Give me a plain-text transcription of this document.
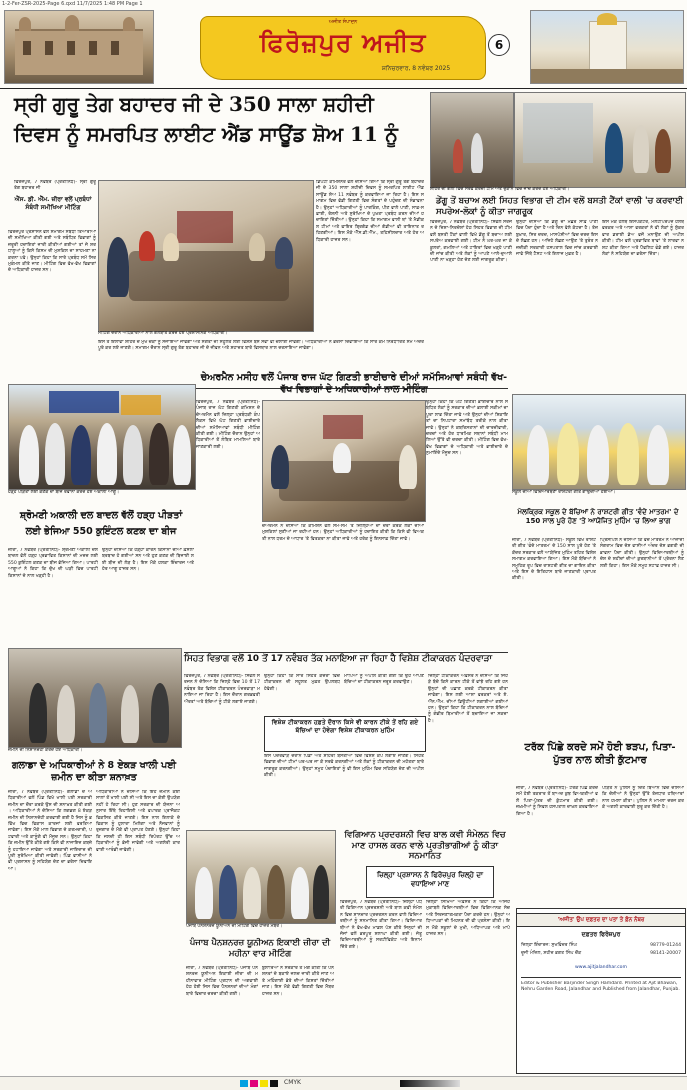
1-2-Fer-ZSR-2025-Page 6.qxd 11/7/2025 1:48 PM Page 1
ਅਜੀਤ ਸੰਪਾਦਨ
ਫਿਰੋਜ਼ਪੁਰ ਅਜੀਤ
ਸ਼ਨਿਚਰਵਾਰ, 8 ਨਵੰਬਰ 2025
6
ਸ੍ਰੀ ਗੁਰੂ ਤੇਗ ਬਹਾਦਰ ਜੀ ਦੇ 350 ਸਾਲਾ ਸ਼ਹੀਦੀ
ਦਿਵਸ ਨੂੰ ਸਮਰਪਿਤ ਲਾਈਟ ਐਂਡ ਸਾਊਂਡ ਸ਼ੋਅ 11 ਨੂੰ
ਐੱਸ. ਡੀ. ਐੱਮ. ਜ਼ੀਰਾ ਵਲੋਂ ਪ੍ਰਬੰਧਾਂ ਸੰਬੰਧੀ ਸਮੀਖਿਆ ਮੀਟਿੰਗ
ਫਿਰੋਜ਼ਪੁਰ ਪ੍ਰਸ਼ਾਸਨ ਵਲੋਂ ਸਮਾਗਮ ਸਬੰਧੀ ਤਿਆਰੀਆਂ ਦੀ ਸਮੀਖਿਆ ਕੀਤੀ ਗਈ ਅਤੇ ਸਬੰਧਿਤ ਵਿਭਾਗਾਂ ਨੂੰ ਜ਼ਰੂਰੀ ਹਦਾਇਤਾਂ ਜਾਰੀ ਕੀਤੀਆਂ ਗਈਆਂ ਤਾਂ ਜੋ ਸ਼ਰਧਾਲੂਆਂ ਨੂੰ ਕਿਸੇ ਕਿਸਮ ਦੀ ਮੁਸ਼ਕਿਲ ਦਾ ਸਾਹਮਣਾ ਨਾ ਕਰਨਾ ਪਵੇ। ਉਨ੍ਹਾਂ ਕਿਹਾ ਕਿ ਸਾਰੇ ਪ੍ਰਬੰਧ ਸਮੇਂ ਸਿਰ ਮੁਕੰਮਲ ਕੀਤੇ ਜਾਣ। ਮੀਟਿੰਗ ਵਿਚ ਵੱਖ-ਵੱਖ ਵਿਭਾਗਾਂ ਦੇ ਅਧਿਕਾਰੀ ਹਾਜ਼ਰ ਸਨ।
ਫਿਰੋਜ਼ਪੁਰ, 7 ਨਵੰਬਰ (ਪ੍ਰਤੀਨਿਧ)- ਸ੍ਰੀ ਗੁਰੂ ਤੇਗ ਬਹਾਦਰ ਜੀ
ਡਿਪਟੀ ਕਮਿਸ਼ਨਰ ਵਲੋਂ ਦੱਸਿਆ ਗਿਆ ਕਿ ਸ੍ਰੀ ਗੁਰੂ ਤੇਗ ਬਹਾਦਰ ਜੀ ਦੇ 350 ਸਾਲਾ ਸ਼ਹੀਦੀ ਦਿਵਸ ਨੂੰ ਸਮਰਪਿਤ ਲਾਈਟ ਐਂਡ ਸਾਊਂਡ ਸ਼ੋਅ 11 ਨਵੰਬਰ ਨੂੰ ਕਰਵਾਇਆ ਜਾ ਰਿਹਾ ਹੈ। ਇਸ ਸਮਾਗਮ ਵਿਚ ਵੱਡੀ ਗਿਣਤੀ ਵਿਚ ਸੰਗਤਾਂ ਦੇ ਪਹੁੰਚਣ ਦੀ ਸੰਭਾਵਨਾ ਹੈ। ਉਨ੍ਹਾਂ ਅਧਿਕਾਰੀਆਂ ਨੂੰ ਪਾਰਕਿੰਗ, ਪੀਣ ਵਾਲੇ ਪਾਣੀ, ਸਾਫ਼-ਸਫ਼ਾਈ, ਰੋਸ਼ਨੀ ਅਤੇ ਸੁਰੱਖਿਆ ਦੇ ਪੁਖ਼ਤਾ ਪ੍ਰਬੰਧ ਕਰਨ ਦੀਆਂ ਹਦਾਇਤਾਂ ਦਿੱਤੀਆਂ। ਉਨ੍ਹਾਂ ਕਿਹਾ ਕਿ ਸਮਾਗਮ ਵਾਲੀ ਥਾਂ 'ਤੇ ਮੈਡੀਕਲ ਟੀਮਾਂ ਅਤੇ ਫਾਇਰ ਬ੍ਰਿਗੇਡ ਦੀਆਂ ਗੱਡੀਆਂ ਵੀ ਤਾਇਨਾਤ ਰਹਿਣਗੀਆਂ। ਇਸ ਮੌਕੇ ਐੱਸ.ਡੀ.ਐੱਮ., ਤਹਿਸੀਲਦਾਰ ਅਤੇ ਹੋਰ ਅਧਿਕਾਰੀ ਹਾਜ਼ਰ ਸਨ।
ਮੀਟਿੰਗ ਦੌਰਾਨ ਅਧਿਕਾਰੀਆਂ ਨਾਲ ਗੱਲਬਾਤ ਕਰਦੇ ਹੋਏ ਪ੍ਰਸ਼ਾਸਨਿਕ ਅਧਿਕਾਰੀ।
ਇਸ ਤੋਂ ਇਲਾਵਾ ਸ਼ਹਿਰ ਦੇ ਮੁੱਖ ਚੌਂਕਾਂ ਨੂੰ ਸਜਾਇਆ ਜਾਵੇਗਾ ਅਤੇ ਸੰਗਤਾਂ ਦੀ ਸਹੂਲਤ ਲਈ ਵਿਸ਼ੇਸ਼ ਬੱਸ ਸੇਵਾ ਵੀ ਚਲਾਈ ਜਾਵੇਗੀ। ਅਧਿਕਾਰੀਆਂ ਨੇ ਭਰੋਸਾ ਦਿਵਾਇਆ ਕਿ ਸਾਰੇ ਕੰਮ ਨਿਰਧਾਰਿਤ ਸਮੇਂ ਅੰਦਰ ਪੂਰੇ ਕਰ ਲਏ ਜਾਣਗੇ। ਸਮਾਗਮ ਦੌਰਾਨ ਸ੍ਰੀ ਗੁਰੂ ਤੇਗ ਬਹਾਦਰ ਜੀ ਦੇ ਜੀਵਨ ਅਤੇ ਸ਼ਹਾਦਤ ਬਾਰੇ ਵਿਸਥਾਰ ਨਾਲ ਦਰਸਾਇਆ ਜਾਵੇਗਾ।
ਸ਼ਹਿਰ ਦੀ ਗਲੀ ਵਿਚ ਸਰਵੇ ਕਰਦੀ ਟੀਮ ਅਤੇ ਦੁਕਾਨ ਵਿਚ ਜਾਂਚ ਕਰਦੇ ਹੋਏ ਅਧਿਕਾਰੀ।
ਡੇਂਗੂ ਤੋਂ ਬਚਾਅ ਲਈ ਸਿਹਤ ਵਿਭਾਗ ਦੀ ਟੀਮ ਵਲੋਂ ਬਸਤੀ ਟੈਂਕਾਂ ਵਾਲੀ 'ਚ ਕਰਵਾਈ ਸਪਰੇਅ-ਲੋਕਾਂ ਨੂੰ ਕੀਤਾ ਜਾਗਰੂਕ
ਫਿਰੋਜ਼ਪੁਰ, 7 ਨਵੰਬਰ (ਪ੍ਰਤੀਨਿਧ)- ਸਿਵਲ ਸਰਜਨ ਦੇ ਦਿਸ਼ਾ-ਨਿਰਦੇਸ਼ਾਂ ਹੇਠ ਸਿਹਤ ਵਿਭਾਗ ਦੀ ਟੀਮ ਵਲੋਂ ਬਸਤੀ ਟੈਂਕਾਂ ਵਾਲੀ ਵਿਖੇ ਡੇਂਗੂ ਤੋਂ ਬਚਾਅ ਲਈ ਸਪਰੇਅ ਕਰਵਾਈ ਗਈ। ਟੀਮ ਨੇ ਘਰ-ਘਰ ਜਾ ਕੇ ਕੂਲਰਾਂ, ਗਮਲਿਆਂ ਅਤੇ ਟਾਇਰਾਂ ਵਿਚ ਖੜ੍ਹੇ ਪਾਣੀ ਦੀ ਜਾਂਚ ਕੀਤੀ ਅਤੇ ਲੋਕਾਂ ਨੂੰ ਆਪਣੇ ਆਲੇ-ਦੁਆਲੇ ਪਾਣੀ ਨਾ ਖੜ੍ਹਾ ਹੋਣ ਦੇਣ ਲਈ ਜਾਗਰੂਕ ਕੀਤਾ।
ਉਨ੍ਹਾਂ ਦੱਸਿਆ ਕਿ ਡੇਂਗੂ ਦਾ ਮੱਛਰ ਸਾਫ਼ ਪਾਣੀ ਵਿਚ ਪੈਦਾ ਹੁੰਦਾ ਹੈ ਅਤੇ ਦਿਨ ਵੇਲੇ ਕੱਟਦਾ ਹੈ। ਤੇਜ਼ ਬੁਖ਼ਾਰ, ਸਿਰ ਦਰਦ, ਮਾਸਪੇਸ਼ੀਆਂ ਵਿਚ ਦਰਦ ਇਸ ਦੇ ਲੱਛਣ ਹਨ। ਅਜਿਹੇ ਲੱਛਣ ਆਉਣ 'ਤੇ ਤੁਰੰਤ ਨਜ਼ਦੀਕੀ ਸਰਕਾਰੀ ਹਸਪਤਾਲ ਵਿਚ ਜਾਂਚ ਕਰਵਾਈ ਜਾਵੇ ਜਿੱਥੇ ਟੈਸਟ ਅਤੇ ਇਲਾਜ ਮੁਫ਼ਤ ਹੈ।
ਇਸ ਮੌਕੇ ਹੈਲਥ ਇੰਸਪੈਕਟਰ, ਮਲਟੀਪਰਪਜ਼ ਹੈਲਥ ਵਰਕਰ ਅਤੇ ਆਸ਼ਾ ਵਰਕਰਾਂ ਨੇ ਵੀ ਲੋਕਾਂ ਨੂੰ ਸ਼ੁੱਕਰਵਾਰ ਡਰਾਈ ਡੇਅ ਵਜੋਂ ਮਨਾਉਣ ਦੀ ਅਪੀਲ ਕੀਤੀ। ਟੀਮ ਵਲੋਂ ਪ੍ਰਭਾਵਿਤ ਥਾਵਾਂ 'ਤੇ ਲਾਰਵਾ ਨਸ਼ਟ ਕੀਤਾ ਗਿਆ ਅਤੇ ਪੈਂਫਲਿਟ ਵੰਡੇ ਗਏ। ਹਾਜ਼ਰ ਲੋਕਾਂ ਨੇ ਸਹਿਯੋਗ ਦਾ ਭਰੋਸਾ ਦਿੱਤਾ।
ਚੇਅਰਮੈਨ ਮਸੀਹ ਵਲੋਂ ਪੰਜਾਬ ਰਾਜ ਘੱਟ ਗਿਣਤੀ ਭਾਈਚਾਰੇ ਦੀਆਂ ਸਮੱਸਿਆਵਾਂ ਸਬੰਧੀ ਵੱਖ-ਵੱਖ ਵਿਭਾਗਾਂ ਦੇ ਅਧਿਕਾਰੀਆਂ ਨਾਲ ਮੀਟਿੰਗ
ਫਿਰੋਜ਼ਪੁਰ, 7 ਨਵੰਬਰ (ਪ੍ਰਤੀਨਿਧ)- ਪੰਜਾਬ ਰਾਜ ਘੱਟ ਗਿਣਤੀ ਕਮਿਸ਼ਨ ਦੇ ਚੇਅਰਮੈਨ ਵਲੋਂ ਜ਼ਿਲ੍ਹਾ ਪ੍ਰਬੰਧਕੀ ਕੰਪਲੈਕਸ ਵਿਖੇ ਘੱਟ ਗਿਣਤੀ ਭਾਈਚਾਰੇ ਦੀਆਂ ਸਮੱਸਿਆਵਾਂ ਸਬੰਧੀ ਮੀਟਿੰਗ ਕੀਤੀ ਗਈ। ਮੀਟਿੰਗ ਦੌਰਾਨ ਉਨ੍ਹਾਂ ਅਧਿਕਾਰੀਆਂ ਤੋਂ ਲੰਬਿਤ ਮਾਮਲਿਆਂ ਬਾਰੇ ਜਾਣਕਾਰੀ ਲਈ।
ਉਨ੍ਹਾਂ ਕਿਹਾ ਕਿ ਘੱਟ ਗਿਣਤੀ ਭਾਈਚਾਰੇ ਨਾਲ ਸਬੰਧਿਤ ਲੋਕਾਂ ਨੂੰ ਸਰਕਾਰ ਦੀਆਂ ਭਲਾਈ ਸਕੀਮਾਂ ਦਾ ਪੂਰਾ ਲਾਭ ਦਿੱਤਾ ਜਾਵੇ ਅਤੇ ਉਨ੍ਹਾਂ ਦੀਆਂ ਸ਼ਿਕਾਇਤਾਂ ਦਾ ਨਿਪਟਾਰਾ ਸਮਾਂਬੱਧ ਤਰੀਕੇ ਨਾਲ ਕੀਤਾ ਜਾਵੇ। ਉਨ੍ਹਾਂ ਨੇ ਕਬਰਿਸਤਾਨਾਂ ਦੀ ਚਾਰਦੀਵਾਰੀ, ਚਰਚਾਂ ਅਤੇ ਹੋਰ ਧਾਰਮਿਕ ਸਥਾਨਾਂ ਸਬੰਧੀ ਮਾਮਲਿਆਂ ਉੱਤੇ ਵੀ ਚਰਚਾ ਕੀਤੀ। ਮੀਟਿੰਗ ਵਿਚ ਵੱਖ-ਵੱਖ ਵਿਭਾਗਾਂ ਦੇ ਅਧਿਕਾਰੀ ਅਤੇ ਭਾਈਚਾਰੇ ਦੇ ਨੁਮਾਇੰਦੇ ਮੌਜੂਦ ਸਨ।
ਚੇਅਰਮੈਨ ਨੇ ਦੱਸਿਆ ਕਿ ਕਮਿਸ਼ਨ ਵਲੋਂ ਸਮੇਂ-ਸਮੇਂ 'ਤੇ ਜ਼ਿਲ੍ਹਿਆਂ ਦਾ ਦੌਰਾ ਕਰਕੇ ਲੋਕਾਂ ਦੀਆਂ ਮੁਸ਼ਕਿਲਾਂ ਸੁਣੀਆਂ ਜਾ ਰਹੀਆਂ ਹਨ। ਉਨ੍ਹਾਂ ਅਧਿਕਾਰੀਆਂ ਨੂੰ ਹਦਾਇਤ ਕੀਤੀ ਕਿ ਕਿਸੇ ਵੀ ਵਿਅਕਤੀ ਨਾਲ ਧਰਮ ਦੇ ਆਧਾਰ 'ਤੇ ਵਿਤਕਰਾ ਨਾ ਕੀਤਾ ਜਾਵੇ ਅਤੇ ਹਰੇਕ ਨੂੰ ਇਨਸਾਫ਼ ਦਿੱਤਾ ਜਾਵੇ।
ਹੜ੍ਹ ਪੀੜਤਾਂ ਲਈ ਕਣਕ ਦਾ ਬੀਜ ਰਵਾਨਾ ਕਰਦੇ ਹੋਏ ਅਕਾਲੀ ਆਗੂ।
ਸ਼੍ਰੋਮਣੀ ਅਕਾਲੀ ਦਲ ਬਾਦਲ ਵੱਲੋਂ ਹੜ੍ਹ ਪੀੜਤਾਂ
ਲਈ ਭੇਜਿਆ 550 ਕੁਇੰਟਲ ਕਣਕ ਦਾ ਬੀਜ
ਜ਼ੀਰਾ, 7 ਨਵੰਬਰ (ਪ੍ਰਤੀਨਿਧ)- ਸ਼੍ਰੋਮਣੀ ਅਕਾਲੀ ਦਲ ਬਾਦਲ ਵੱਲੋਂ ਹੜ੍ਹ ਪ੍ਰਭਾਵਿਤ ਕਿਸਾਨਾਂ ਦੀ ਮਦਦ ਲਈ 550 ਕੁਇੰਟਲ ਕਣਕ ਦਾ ਬੀਜ ਭੇਜਿਆ ਗਿਆ। ਪਾਰਟੀ ਆਗੂਆਂ ਨੇ ਕਿਹਾ ਕਿ ਦੁੱਖ ਦੀ ਘੜੀ ਵਿਚ ਪਾਰਟੀ ਕਿਸਾਨਾਂ ਦੇ ਨਾਲ ਖੜ੍ਹੀ ਹੈ।
ਉਨ੍ਹਾਂ ਦੱਸਿਆ ਕਿ ਹੜ੍ਹਾਂ ਕਾਰਨ ਕਿਸਾਨਾਂ ਦੀਆਂ ਫ਼ਸਲਾਂ ਬਰਬਾਦ ਹੋ ਗਈਆਂ ਸਨ ਅਤੇ ਹੁਣ ਕਣਕ ਦੀ ਬਿਜਾਈ ਲਈ ਬੀਜ ਦੀ ਲੋੜ ਹੈ। ਇਸ ਮੌਕੇ ਹਲਕਾ ਇੰਚਾਰਜ ਅਤੇ ਹੋਰ ਆਗੂ ਹਾਜ਼ਰ ਸਨ।
ਸਕੂਲ ਦੀਆਂ ਵਿਦਿਆਰਥਣਾਂ ਰਾਸ਼ਟਰੀ ਗੀਤ ਗਾਉਂਦੀਆਂ ਹੋਈਆਂ।
ਮੇਲਕ੍ਰਿਕ ਸਕੂਲ ਦੇ ਬੱਚਿਆਂ ਨੇ ਰਾਸ਼ਟਰੀ ਗੀਤ 'ਵੰਦੇ ਮਾਤਰਮ' ਦੇ 150 ਸਾਲ ਪੂਰੇ ਹੋਣ 'ਤੇ ਆਯੋਜਿਤ ਮੁਹਿੰਮ 'ਚ ਲਿਆ ਭਾਗ
ਜ਼ੀਰਾ, 7 ਨਵੰਬਰ (ਪ੍ਰਤੀਨਿਧ)- ਸਕੂਲ ਵਿਖੇ ਰਾਸ਼ਟਰੀ ਗੀਤ 'ਵੰਦੇ ਮਾਤਰਮ' ਦੇ 150 ਸਾਲ ਪੂਰੇ ਹੋਣ 'ਤੇ ਕੇਂਦਰ ਸਰਕਾਰ ਵਲੋਂ ਆਯੋਜਿਤ ਮੁਹਿੰਮ ਤਹਿਤ ਵਿਸ਼ੇਸ਼ ਸਮਾਗਮ ਕਰਵਾਇਆ ਗਿਆ। ਇਸ ਮੌਕੇ ਬੱਚਿਆਂ ਨੇ ਸਮੂਹਿਕ ਰੂਪ ਵਿਚ ਰਾਸ਼ਟਰੀ ਗੀਤ ਦਾ ਗਾਇਨ ਕੀਤਾ ਅਤੇ ਇਸ ਦੇ ਇਤਿਹਾਸ ਬਾਰੇ ਜਾਣਕਾਰੀ ਪ੍ਰਾਪਤ ਕੀਤੀ।
ਪ੍ਰਿੰਸੀਪਲ ਨੇ ਦੱਸਿਆ ਕਿ ਵੰਦੇ ਮਾਤਰਮ ਨੇ ਆਜ਼ਾਦੀ ਸੰਗਰਾਮ ਵਿਚ ਦੇਸ਼ ਵਾਸੀਆਂ ਅੰਦਰ ਦੇਸ਼ ਭਗਤੀ ਦੀ ਭਾਵਨਾ ਪੈਦਾ ਕੀਤੀ। ਉਨ੍ਹਾਂ ਵਿਦਿਆਰਥੀਆਂ ਨੂੰ ਦੇਸ਼ ਦੇ ਸ਼ਹੀਦਾਂ ਦੀਆਂ ਕੁਰਬਾਨੀਆਂ ਤੋਂ ਪ੍ਰੇਰਨਾ ਲੈਣ ਲਈ ਕਿਹਾ। ਇਸ ਮੌਕੇ ਸਮੂਹ ਸਟਾਫ਼ ਹਾਜ਼ਰ ਸੀ।
ਸਿਹਤ ਵਿਭਾਗ ਵਲੋਂ 10 ਤੋਂ 17 ਨਵੰਬਰ ਤੱਕ ਮਨਾਇਆ ਜਾ ਰਿਹਾ ਹੈ ਵਿਸ਼ੇਸ਼ ਟੀਕਾਕਰਨ ਪੰਦਰਵਾੜਾ
ਫਿਰੋਜ਼ਪੁਰ, 7 ਨਵੰਬਰ (ਪ੍ਰਤੀਨਿਧ)- ਸਿਵਲ ਸਰਜਨ ਨੇ ਦੱਸਿਆ ਕਿ ਜ਼ਿਲ੍ਹੇ ਵਿਚ 10 ਤੋਂ 17 ਨਵੰਬਰ ਤੱਕ ਵਿਸ਼ੇਸ਼ ਟੀਕਾਕਰਨ ਪੰਦਰਵਾੜਾ ਮਨਾਇਆ ਜਾ ਰਿਹਾ ਹੈ। ਇਸ ਦੌਰਾਨ ਗਰਭਵਤੀ ਔਰਤਾਂ ਅਤੇ ਬੱਚਿਆਂ ਨੂੰ ਟੀਕੇ ਲਗਾਏ ਜਾਣਗੇ।
ਉਨ੍ਹਾਂ ਕਿਹਾ ਕਿ ਸਾਰੇ ਸਿਹਤ ਕੇਂਦਰਾਂ ਵਿਚ ਟੀਕਾਕਰਨ ਦੀ ਸਹੂਲਤ ਮੁਫ਼ਤ ਉਪਲਬਧ ਹੋਵੇਗੀ।
ਵਿਸ਼ੇਸ਼ ਟੀਕਾਕਰਨ ਹਫ਼ਤੇ ਦੌਰਾਨ ਕਿਸੇ ਵੀ ਕਾਰਨ ਟੀਕੇ ਤੋਂ ਰਹਿ ਗਏ ਬੱਚਿਆਂ ਦਾ ਹੋਵੇਗਾ ਵਿਸ਼ੇਸ਼ ਟੀਕਾਕਰਨ ਮੁਹਿੰਮ
ਮਾਪਿਆਂ ਨੂੰ ਅਪੀਲ ਕੀਤੀ ਗਈ ਕਿ ਉਹ ਆਪਣੇ ਬੱਚਿਆਂ ਦਾ ਟੀਕਾਕਰਨ ਜ਼ਰੂਰ ਕਰਵਾਉਣ।
ਜ਼ਿਲ੍ਹਾ ਟੀਕਾਕਰਨ ਅਫ਼ਸਰ ਨੇ ਦੱਸਿਆ ਕਿ ਜਿਹੜੇ ਬੱਚੇ ਕਿਸੇ ਕਾਰਨ ਟੀਕੇ ਤੋਂ ਵਾਂਝੇ ਰਹਿ ਗਏ ਹਨ ਉਨ੍ਹਾਂ ਦੀ ਪਛਾਣ ਕਰਕੇ ਟੀਕਾਕਰਨ ਕੀਤਾ ਜਾਵੇਗਾ। ਇਸ ਲਈ ਆਸ਼ਾ ਵਰਕਰਾਂ ਅਤੇ ਏ.ਐੱਨ.ਐੱਮ. ਦੀਆਂ ਡਿਊਟੀਆਂ ਲਗਾਈਆਂ ਗਈਆਂ ਹਨ। ਉਨ੍ਹਾਂ ਕਿਹਾ ਕਿ ਟੀਕਾਕਰਨ ਨਾਲ ਬੱਚਿਆਂ ਨੂੰ ਗੰਭੀਰ ਬਿਮਾਰੀਆਂ ਤੋਂ ਬਚਾਇਆ ਜਾ ਸਕਦਾ ਹੈ।
ਇਸ ਪੰਦਰਵਾੜੇ ਦੌਰਾਨ ਪਿੰਡਾਂ ਅਤੇ ਸ਼ਹਿਰੀ ਬਸਤੀਆਂ ਵਿਚ ਵਿਸ਼ੇਸ਼ ਕੈਂਪ ਲਗਾਏ ਜਾਣਗੇ। ਸਿਹਤ ਵਿਭਾਗ ਦੀਆਂ ਟੀਮਾਂ ਘਰ-ਘਰ ਜਾ ਕੇ ਸਰਵੇ ਕਰਨਗੀਆਂ ਅਤੇ ਲੋਕਾਂ ਨੂੰ ਟੀਕਾਕਰਨ ਦੀ ਮਹੱਤਤਾ ਬਾਰੇ ਜਾਗਰੂਕ ਕਰਨਗੀਆਂ। ਉਨ੍ਹਾਂ ਸਮੂਹ ਪੰਚਾਇਤਾਂ ਨੂੰ ਵੀ ਇਸ ਮੁਹਿੰਮ ਵਿਚ ਸਹਿਯੋਗ ਦੇਣ ਦੀ ਅਪੀਲ ਕੀਤੀ।
ਜ਼ਮੀਨ ਦੀ ਨਿਸ਼ਾਨਦੇਹੀ ਕਰਦੇ ਹੋਏ ਅਧਿਕਾਰੀ।
ਗਲਾਡਾ ਦੇ ਅਧਿਕਾਰੀਆਂ ਨੇ 8 ਏਕੜ ਖਾਲੀ ਪਈ ਜ਼ਮੀਨ ਦਾ ਕੀਤਾ ਸ਼ਨਾਖ਼ਤ
ਜ਼ੀਰਾ, 7 ਨਵੰਬਰ (ਪ੍ਰਤੀਨਿਧ)- ਗਲਾਡਾ ਦੇ ਅਧਿਕਾਰੀਆਂ ਵਲੋਂ ਪਿੰਡ ਵਿਖੇ ਖਾਲੀ ਪਈ ਸਰਕਾਰੀ ਜ਼ਮੀਨ ਦਾ ਦੌਰਾ ਕਰਕੇ ਉਸ ਦੀ ਸ਼ਨਾਖ਼ਤ ਕੀਤੀ ਗਈ। ਅਧਿਕਾਰੀਆਂ ਨੇ ਦੱਸਿਆ ਕਿ ਲਗਭਗ 8 ਏਕੜ ਜ਼ਮੀਨ ਦੀ ਨਿਸ਼ਾਨਦੇਹੀ ਕਰਵਾਈ ਗਈ ਹੈ ਜਿਸ ਨੂੰ ਭਵਿੱਖ ਵਿਚ ਵਿਕਾਸ ਕਾਰਜਾਂ ਲਈ ਵਰਤਿਆ ਜਾਵੇਗਾ। ਇਸ ਮੌਕੇ ਮਾਲ ਵਿਭਾਗ ਦੇ ਕਰਮਚਾਰੀ, ਪਟਵਾਰੀ ਅਤੇ ਕਾਨੂੰਗੋ ਵੀ ਮੌਜੂਦ ਸਨ। ਉਨ੍ਹਾਂ ਕਿਹਾ ਕਿ ਜ਼ਮੀਨ ਉੱਤੇ ਕੀਤੇ ਗਏ ਕਿਸੇ ਵੀ ਨਾਜਾਇਜ਼ ਕਬਜ਼ੇ ਨੂੰ ਹਟਾਇਆ ਜਾਵੇਗਾ ਅਤੇ ਸਰਕਾਰੀ ਜਾਇਦਾਦ ਦੀ ਪੂਰੀ ਸੁਰੱਖਿਆ ਕੀਤੀ ਜਾਵੇਗੀ। ਪਿੰਡ ਵਾਸੀਆਂ ਨੇ ਵੀ ਪ੍ਰਸ਼ਾਸਨ ਨੂੰ ਸਹਿਯੋਗ ਦੇਣ ਦਾ ਭਰੋਸਾ ਦਿਵਾਇਆ।
ਅਧਿਕਾਰੀਆਂ ਨੇ ਦੱਸਿਆ ਕਿ ਇਹ ਜ਼ਮੀਨ ਕਈ ਸਾਲਾਂ ਤੋਂ ਖਾਲੀ ਪਈ ਸੀ ਅਤੇ ਇਸ ਦਾ ਕੋਈ ਉਪਯੋਗ ਨਹੀਂ ਹੋ ਰਿਹਾ ਸੀ। ਹੁਣ ਸਰਕਾਰ ਦੀ ਯੋਜਨਾ ਅਨੁਸਾਰ ਇੱਥੇ ਰਿਹਾਇਸ਼ੀ ਅਤੇ ਵਪਾਰਕ ਪ੍ਰਾਜੈਕਟ ਵਿਕਸਿਤ ਕੀਤੇ ਜਾਣਗੇ। ਇਸ ਨਾਲ ਇਲਾਕੇ ਦੇ ਵਿਕਾਸ ਨੂੰ ਹੁਲਾਰਾ ਮਿਲੇਗਾ ਅਤੇ ਨੌਜਵਾਨਾਂ ਨੂੰ ਰੁਜ਼ਗਾਰ ਦੇ ਮੌਕੇ ਵੀ ਪ੍ਰਾਪਤ ਹੋਣਗੇ। ਉਨ੍ਹਾਂ ਕਿਹਾ ਕਿ ਜਲਦੀ ਹੀ ਇਸ ਸਬੰਧੀ ਰਿਪੋਰਟ ਉੱਚ ਅਧਿਕਾਰੀਆਂ ਨੂੰ ਭੇਜੀ ਜਾਵੇਗੀ ਅਤੇ ਅਗਲੇਰੀ ਕਾਰਵਾਈ ਆਰੰਭੀ ਜਾਵੇਗੀ।
ਪੰਜਾਬ ਪੈਨਸ਼ਨਰਜ਼ ਯੂਨੀਅਨ ਦੀ ਮੀਟਿੰਗ ਵਿਚ ਹਾਜ਼ਰ ਮੈਂਬਰ।
ਪੰਜਾਬ ਪੈਨਸ਼ਨਰਜ਼ ਯੂਨੀਅਨ ਇਕਾਈ ਜ਼ੀਰਾ ਦੀ ਮਹੀਨਾ ਵਾਰ ਮੀਟਿੰਗ
ਜ਼ੀਰਾ, 7 ਨਵੰਬਰ (ਪ੍ਰਤੀਨਿਧ)- ਪੰਜਾਬ ਪੈਨਸ਼ਨਰਜ਼ ਯੂਨੀਅਨ ਇਕਾਈ ਜ਼ੀਰਾ ਦੀ ਮਹੀਨਾਵਾਰ ਮੀਟਿੰਗ ਪ੍ਰਧਾਨ ਦੀ ਅਗਵਾਈ ਹੇਠ ਹੋਈ ਜਿਸ ਵਿਚ ਪੈਨਸ਼ਨਰਾਂ ਦੀਆਂ ਮੰਗਾਂ ਬਾਰੇ ਵਿਚਾਰ ਚਰਚਾ ਕੀਤੀ ਗਈ।
ਬੁਲਾਰਿਆਂ ਨੇ ਸਰਕਾਰ ਤੋਂ ਮੰਗ ਕੀਤੀ ਕਿ ਪੈਨਸ਼ਨਰਾਂ ਦੇ ਬਕਾਏ ਜਲਦ ਜਾਰੀ ਕੀਤੇ ਜਾਣ ਅਤੇ ਮਹਿੰਗਾਈ ਭੱਤੇ ਦੀਆਂ ਕਿਸ਼ਤਾਂ ਦਿੱਤੀਆਂ ਜਾਣ। ਇਸ ਮੌਕੇ ਵੱਡੀ ਗਿਣਤੀ ਵਿਚ ਮੈਂਬਰ ਹਾਜ਼ਰ ਸਨ।
ਵਿਗਿਆਨ ਪ੍ਰਦਰਸ਼ਨੀ ਵਿਚ ਬਾਲ ਕਵੀ ਸੰਮੇਲਨ ਵਿਚ ਮਾਣ ਹਾਸਲ ਕਰਨ ਵਾਲੇ ਪ੍ਰਤੀਭਾਗੀਆਂ ਨੂੰ ਕੀਤਾ ਸਨਮਾਨਿਤ
ਜ਼ਿਲ੍ਹਾ ਪ੍ਰਸ਼ਾਸਨ ਨੇ ਫਿਰੋਜ਼ਪੁਰ ਜ਼ਿਲ੍ਹੇ ਦਾ ਵਧਾਇਆ ਮਾਣ
ਫਿਰੋਜ਼ਪੁਰ, 7 ਨਵੰਬਰ (ਪ੍ਰਤੀਨਿਧ)- ਜ਼ਿਲ੍ਹਾ ਪੱਧਰੀ ਵਿਗਿਆਨ ਪ੍ਰਦਰਸ਼ਨੀ ਅਤੇ ਬਾਲ ਕਵੀ ਸੰਮੇਲਨ ਵਿਚ ਸ਼ਾਨਦਾਰ ਪ੍ਰਦਰਸ਼ਨ ਕਰਨ ਵਾਲੇ ਵਿਦਿਆਰਥੀਆਂ ਨੂੰ ਸਨਮਾਨਿਤ ਕੀਤਾ ਗਿਆ। ਵਿਦਿਆਰਥੀਆਂ ਨੇ ਵੱਖ-ਵੱਖ ਮਾਡਲ ਪੇਸ਼ ਕੀਤੇ ਜਿਨ੍ਹਾਂ ਦੀ ਜੱਜਾਂ ਵਲੋਂ ਭਰਪੂਰ ਸ਼ਲਾਘਾ ਕੀਤੀ ਗਈ। ਜੇਤੂ ਵਿਦਿਆਰਥੀਆਂ ਨੂੰ ਸਰਟੀਫਿਕੇਟ ਅਤੇ ਇਨਾਮ ਦਿੱਤੇ ਗਏ।
ਜ਼ਿਲ੍ਹਾ ਸਿੱਖਿਆ ਅਫ਼ਸਰ ਨੇ ਕਿਹਾ ਕਿ ਅਜਿਹੇ ਮੁਕਾਬਲੇ ਵਿਦਿਆਰਥੀਆਂ ਵਿਚ ਵਿਗਿਆਨਕ ਸੋਚ ਅਤੇ ਸਿਰਜਣਾਤਮਕਤਾ ਪੈਦਾ ਕਰਦੇ ਹਨ। ਉਨ੍ਹਾਂ ਅਧਿਆਪਕਾਂ ਦੀ ਮਿਹਨਤ ਦੀ ਵੀ ਪ੍ਰਸ਼ੰਸਾ ਕੀਤੀ। ਇਸ ਮੌਕੇ ਸਕੂਲਾਂ ਦੇ ਮੁਖੀ, ਅਧਿਆਪਕ ਅਤੇ ਮਾਪੇ ਹਾਜ਼ਰ ਸਨ।
ਟਰੱਕ ਪਿੱਛੇ ਕਰਦੇ ਸਮੇਂ ਹੋਈ ਝੜਪ, ਪਿਤਾ-ਪੁੱਤਰ ਨਾਲ ਕੀਤੀ ਕੁੱਟਮਾਰ
ਜ਼ੀਰਾ, 7 ਨਵੰਬਰ (ਪ੍ਰਤੀਨਿਧ)- ਟਰੱਕ ਪਿੱਛੇ ਕਰਦੇ ਸਮੇਂ ਹੋਈ ਤਕਰਾਰ ਤੋਂ ਬਾਅਦ ਕੁਝ ਵਿਅਕਤੀਆਂ ਵਲੋਂ ਪਿਤਾ-ਪੁੱਤਰ ਦੀ ਕੁੱਟਮਾਰ ਕੀਤੀ ਗਈ। ਜ਼ਖ਼ਮੀਆਂ ਨੂੰ ਸਿਵਲ ਹਸਪਤਾਲ ਦਾਖ਼ਲ ਕਰਵਾਇਆ ਗਿਆ ਹੈ।
ਪੀੜਤ ਨੇ ਪੁਲਿਸ ਨੂੰ ਦਿੱਤੇ ਬਿਆਨ ਵਿਚ ਦੱਸਿਆ ਕਿ ਦੋਸ਼ੀਆਂ ਨੇ ਉਨ੍ਹਾਂ ਉੱਤੇ ਤੇਜ਼ਧਾਰ ਹਥਿਆਰਾਂ ਨਾਲ ਹਮਲਾ ਕੀਤਾ। ਪੁਲਿਸ ਨੇ ਮਾਮਲਾ ਦਰਜ ਕਰਕੇ ਅਗਲੀ ਕਾਰਵਾਈ ਸ਼ੁਰੂ ਕਰ ਦਿੱਤੀ ਹੈ।
'ਅਜੀਤ' ਉਪ ਦਫ਼ਤਰ ਦਾ ਪਤਾ ਤੇ ਫ਼ੋਨ ਨੰਬਰ
ਦਫ਼ਤਰ ਫਿਰੋਜ਼ਪੁਰ
ਜ਼ਿਲ੍ਹਾ ਇੰਚਾਰਜ: ਸੁਖਵਿੰਦਰ ਸਿੰਘ	98779-01244
ਦੂਜੀ ਮੰਜ਼ਿਲ, ਸ਼ਹੀਦ ਭਗਤ ਸਿੰਘ ਚੌਂਕ	98141-20007
www.ajitjalandhar.com
Editor & Publisher Barjinder Singh Hamdard. Printed at Ajit Bhawan, Nehru Garden Road, Jalandhar and Published from Jalandhar, Punjab.
CMYK
